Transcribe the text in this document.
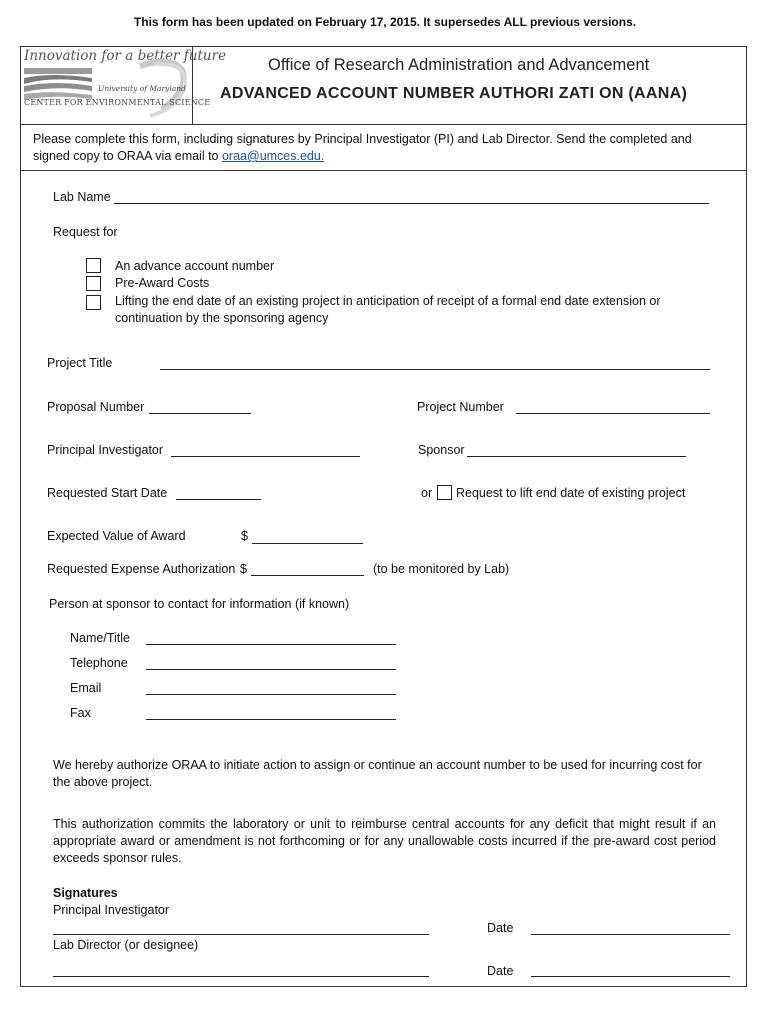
This form has been updated on February 17, 2015. It supersedes ALL previous versions.
Innovation for a better future
University of Maryland
CENTER FOR ENVIRONMENTAL SCIENCE
Office of Research Administration and Advancement
ADVANCED ACCOUNT NUMBER AUTHORI ZATI ON (AANA)
Please complete this form, including signatures by Principal Investigator (PI) and Lab Director. Send the completed and signed copy to ORAA via email to oraa@umces.edu.
Lab Name
Request for
An advance account number
Pre-Award Costs
Lifting the end date of an existing project in anticipation of receipt of a formal end date extension or continuation by the sponsoring agency
Project Title
Proposal Number	Project Number
Principal Investigator	Sponsor
Requested Start Date	or Request to lift end date of existing project
Expected Value of Award	$
Requested Expense Authorization $	(to be monitored by Lab)
Person at sponsor to contact for information (if known)
Name/Title
Telephone
Email
Fax
We hereby authorize ORAA to initiate action to assign or continue an account number to be used for incurring cost for the above project.
This authorization commits the laboratory or unit to reimburse central accounts for any deficit that might result if an appropriate award or amendment is not forthcoming or for any unallowable costs incurred if the pre-award cost period exceeds sponsor rules.
Signatures
Principal Investigator
Date
Lab Director (or designee)
Date
